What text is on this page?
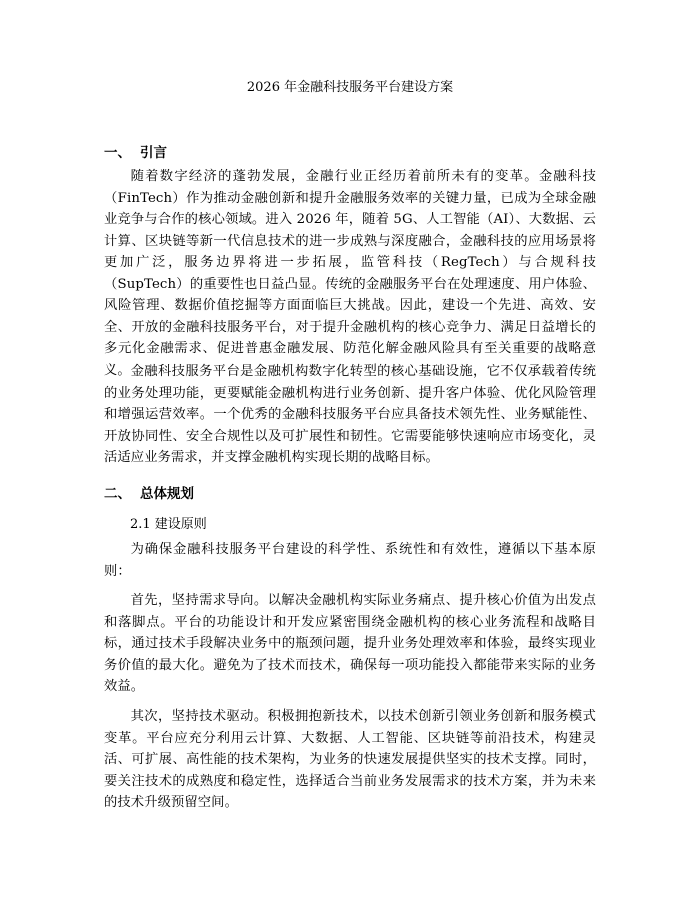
2026 年金融科技服务平台建设方案
一、 引言

随着数字经济的蓬勃发展，金融行业正经历着前所未有的变革。金融科技（FinTech）作为推动金融创新和提升金融服务效率的关键力量，已成为全球金融业竞争与合作的核心领域。进入 2026 年，随着 5G、人工智能（AI）、大数据、云计算、区块链等新一代信息技术的进一步成熟与深度融合，金融科技的应用场景将更加广泛，服务边界将进一步拓展，监管科技（RegTech）与合规科技（SupTech）的重要性也日益凸显。传统的金融服务平台在处理速度、用户体验、风险管理、数据价值挖掘等方面面临巨大挑战。因此，建设一个先进、高效、安全、开放的金融科技服务平台，对于提升金融机构的核心竞争力、满足日益增长的多元化金融需求、促进普惠金融发展、防范化解金融风险具有至关重要的战略意义。 金融科技服务平台是金融机构数字化转型的核心基础设施，它不仅承载着传统的业务处理功能，更要赋能金融机构进行业务创新、提升客户体验、优化风险管理和增强运营效率。一个优秀的金融科技服务平台应具备技术领先性、业务赋能性、开放协同性、安全合规性以及可扩展性和韧性。它需要能够快速响应市场变化，灵活适应业务需求，并支撑金融机构实现长期的战略目标。

二、 总体规划
2.1 建设原则

为确保金融科技服务平台建设的科学性、系统性和有效性，遵循以下基本原则：

首先，坚持需求导向。以解决金融机构实际业务痛点、提升核心价值为出发点和落脚点。平台的功能设计和开发应紧密围绕金融机构的核心业务流程和战略目标，通过技术手段解决业务中的瓶颈问题，提升业务处理效率和体验，最终实现业务价值的最大化。避免为了技术而技术，确保每一项功能投入都能带来实际的业务效益。

其次，坚持技术驱动。积极拥抱新技术，以技术创新引领业务创新和服务模式变革。平台应充分利用云计算、大数据、人工智能、区块链等前沿技术，构建灵活、可扩展、高性能的技术架构，为业务的快速发展提供坚实的技术支撑。同时，要关注技术的成熟度和稳定性，选择适合当前业务发展需求的技术方案，并为未来的技术升级预留空间。
